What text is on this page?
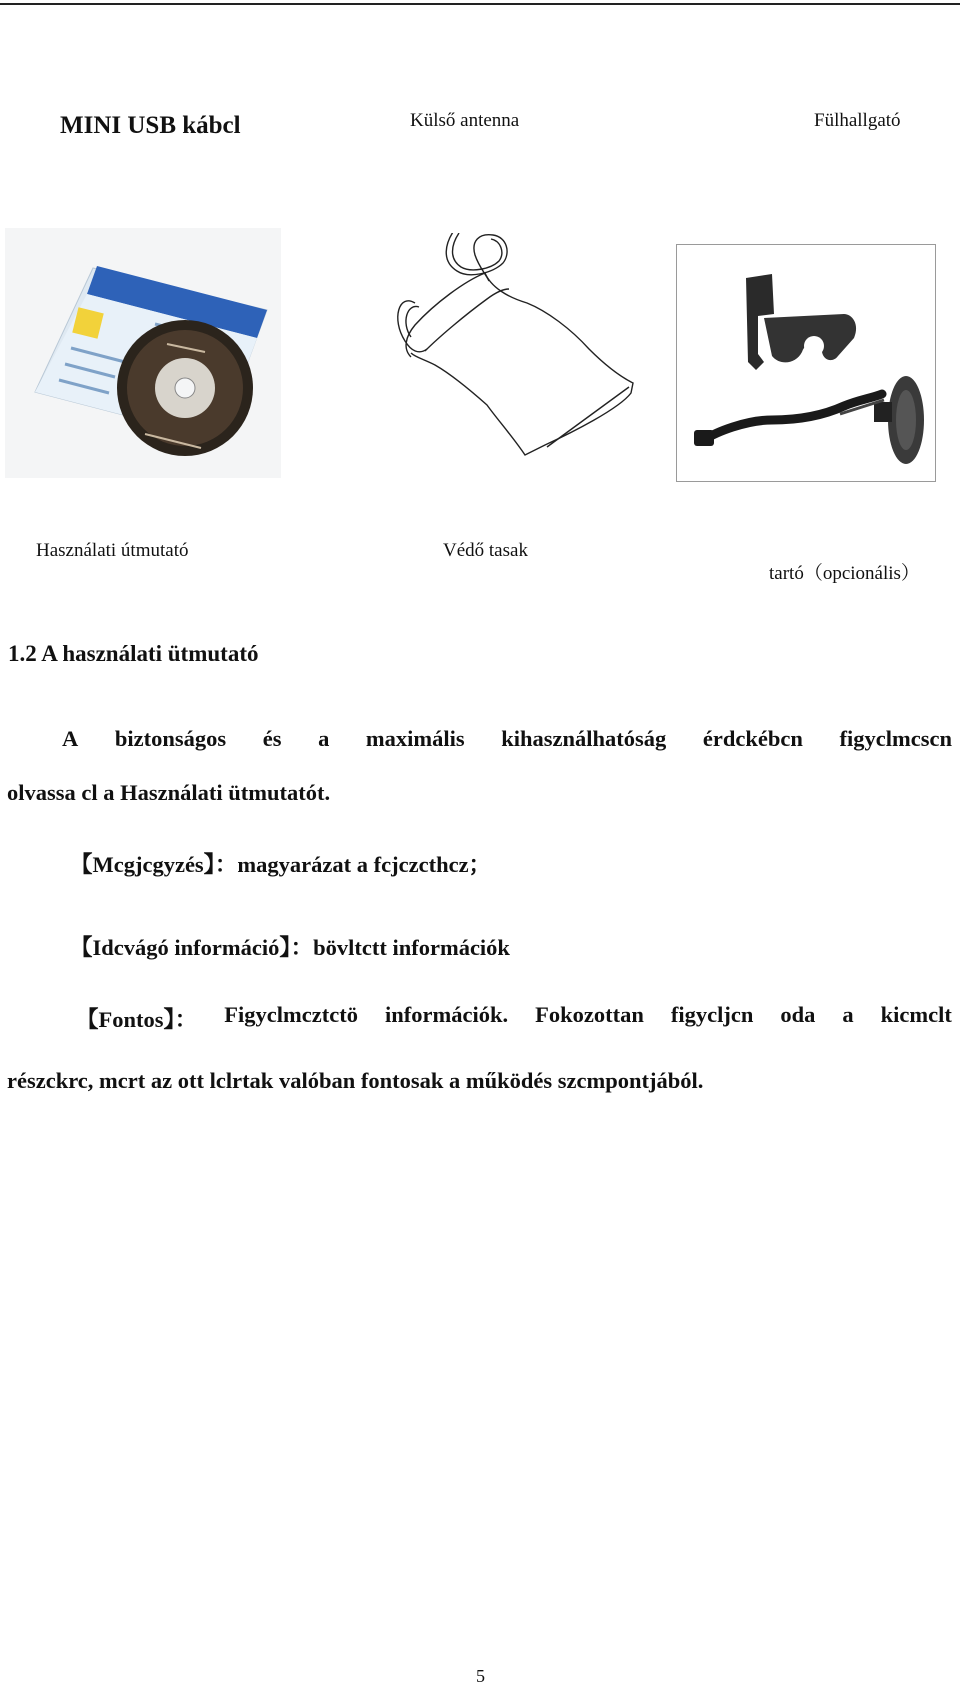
MINI USB kábcl	Külső antenna	Fülhallgató
Használati útmutató	Védő tasak
tartó（opcionális）
1.2 A használati ütmutató
A biztonságos és a maximális kihasználhatóság érdckébcn figyclmcscn
olvassa cl a Használati ütmutatót.
【Mcgjcgyzés】：magyarázat a fcjczcthcz；
【Idcvágó információ】：bövltctt információk
【Fontos】： Figyclmcztctö információk. Fokozottan figycljcn oda a kicmclt
részckrc, mcrt az ott lclrtak valóban fontosak a működés szcmpontjából.
5
